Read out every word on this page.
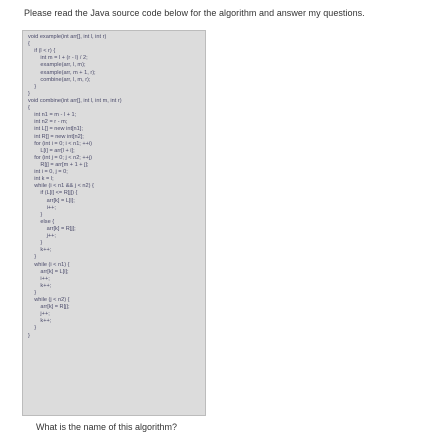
Please read the Java source code below for the algorithm and answer my questions.
void example(int arr[], int l, int r)
{
if (l < r) {
int m = l + (r - l) / 2;
example(arr, l, m);
example(arr, m + 1, r);
combine(arr, l, m, r);
}
}
void combine(int arr[], int l, int m, int r)
{
int n1 = m - l + 1;
int n2 = r - m;
int L[] = new int[n1];
int R[] = new int[n2];
for (int i = 0; i < n1; ++i)
L[i] = arr[l + i];
for (int j = 0; j < n2; ++j)
R[j] = arr[m + 1 + j];
int i = 0, j = 0;
int k = l;
while (i < n1 && j < n2) {
if (L[i] <= R[j]) {
arr[k] = L[i];
i++;
}
else {
arr[k] = R[j];
j++;
}
k++;
}
while (i < n1) {
arr[k] = L[i];
i++;
k++;
}
while (j < n2) {
arr[k] = R[j];
j++;
k++;
}
}
What is the name of this algorithm?
